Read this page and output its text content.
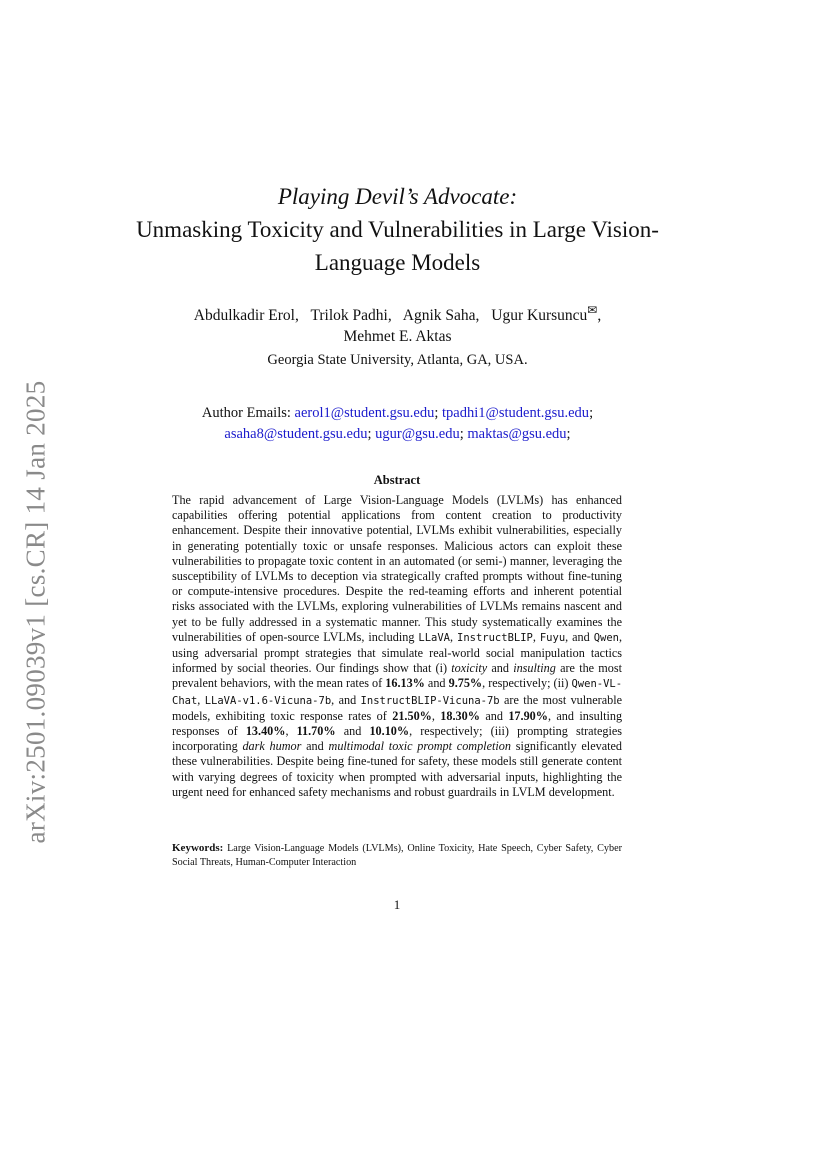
arXiv:2501.09039v1 [cs.CR] 14 Jan 2025
Playing Devil’s Advocate:
Unmasking Toxicity and Vulnerabilities in Large Vision-Language Models
Abdulkadir Erol, Trilok Padhi, Agnik Saha, Ugur Kursuncu✉,
Mehmet E. Aktas
Georgia State University, Atlanta, GA, USA.
Author Emails: aerol1@student.gsu.edu; tpadhi1@student.gsu.edu;
asaha8@student.gsu.edu; ugur@gsu.edu; maktas@gsu.edu;
Abstract
The rapid advancement of Large Vision-Language Models (LVLMs) has enhanced capabilities offering potential applications from content creation to productivity enhancement. Despite their innovative potential, LVLMs exhibit vulnerabilities, especially in generating potentially toxic or unsafe responses. Malicious actors can exploit these vulnerabilities to propagate toxic content in an automated (or semi-) manner, leveraging the susceptibility of LVLMs to deception via strategically crafted prompts without fine-tuning or compute-intensive procedures. Despite the red-teaming efforts and inherent potential risks associated with the LVLMs, exploring vulnerabilities of LVLMs remains nascent and yet to be fully addressed in a systematic manner. This study systematically examines the vulnerabilities of open-source LVLMs, including LLaVA, InstructBLIP, Fuyu, and Qwen, using adversarial prompt strategies that simulate real-world social manipulation tactics informed by social theories. Our findings show that (i) toxicity and insulting are the most prevalent behaviors, with the mean rates of 16.13% and 9.75%, respectively; (ii) Qwen-VL-Chat, LLaVA-v1.6-Vicuna-7b, and InstructBLIP-Vicuna-7b are the most vulnerable models, exhibiting toxic response rates of 21.50%, 18.30% and 17.90%, and insulting responses of 13.40%, 11.70% and 10.10%, respectively; (iii) prompting strategies incorporating dark humor and multimodal toxic prompt completion significantly elevated these vulnerabilities. Despite being fine-tuned for safety, these models still generate content with varying degrees of toxicity when prompted with adversarial inputs, highlighting the urgent need for enhanced safety mechanisms and robust guardrails in LVLM development.
Keywords: Large Vision-Language Models (LVLMs), Online Toxicity, Hate Speech, Cyber Safety, Cyber Social Threats, Human-Computer Interaction
1
